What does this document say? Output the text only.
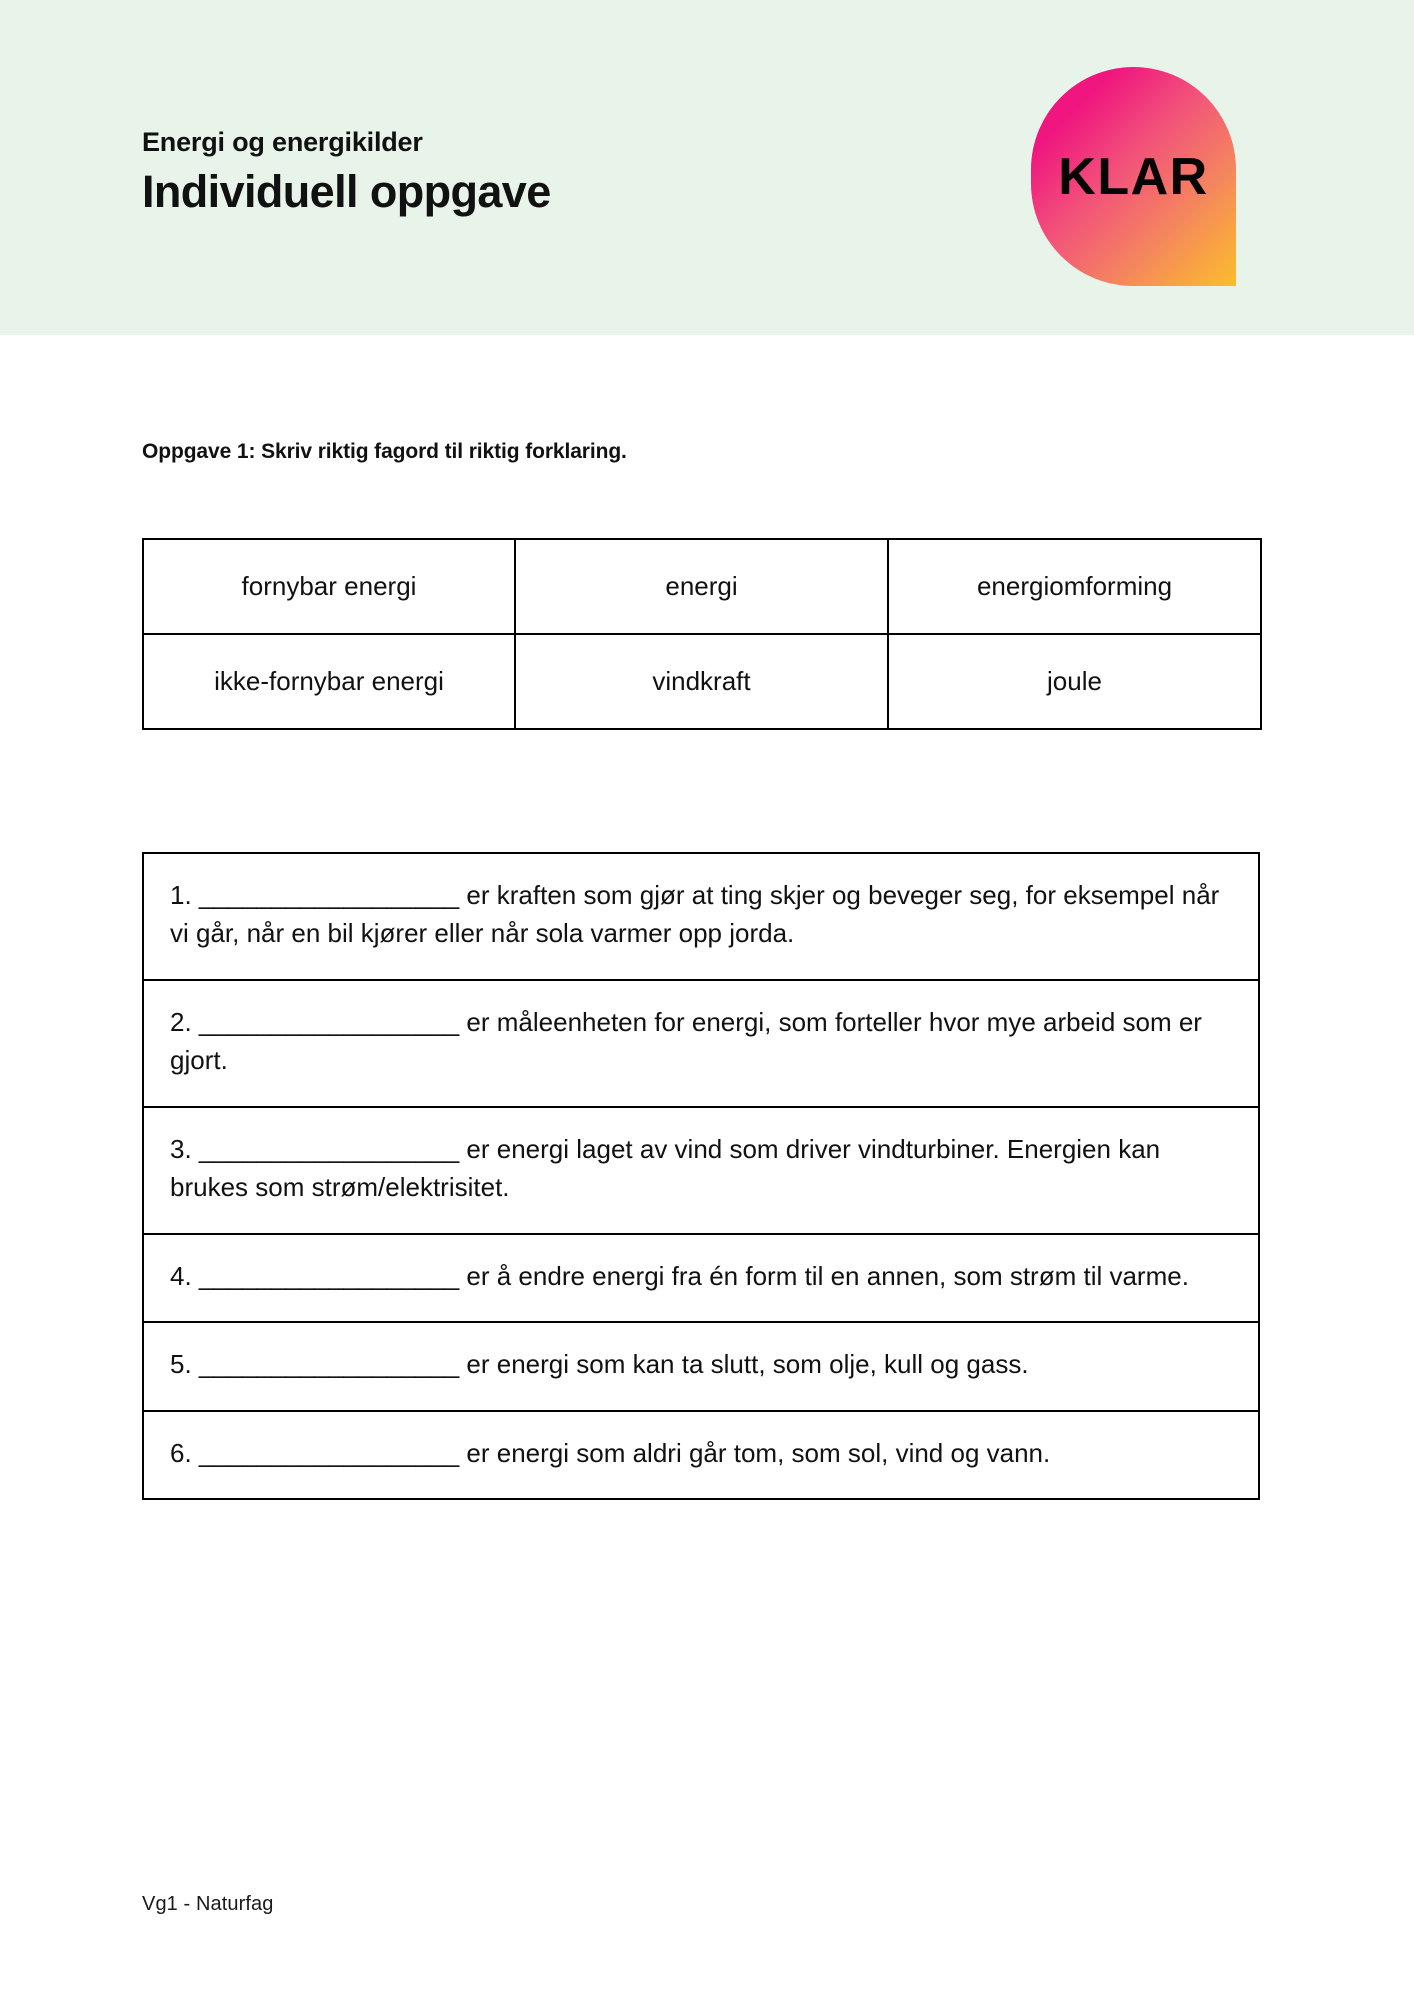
Energi og energikilder

Individuell oppgave	KLAR
Oppgave 1: Skriv riktig fagord til riktig forklaring.
fornybar energi	energi	energiomforming
ikke-fornybar energi	vindkraft	joule

1. __________________ er kraften som gjør at ting skjer og beveger seg, for eksempel når vi går, når en bil kjører eller når sola varmer opp jorda.

2. __________________ er måleenheten for energi, som forteller hvor mye arbeid som er gjort.

3. __________________ er energi laget av vind som driver vindturbiner. Energien kan brukes som strøm/elektrisitet.

4. __________________ er å endre energi fra én form til en annen, som strøm til varme.

5. __________________ er energi som kan ta slutt, som olje, kull og gass.

6. __________________ er energi som aldri går tom, som sol, vind og vann.

Vg1 - Naturfag
